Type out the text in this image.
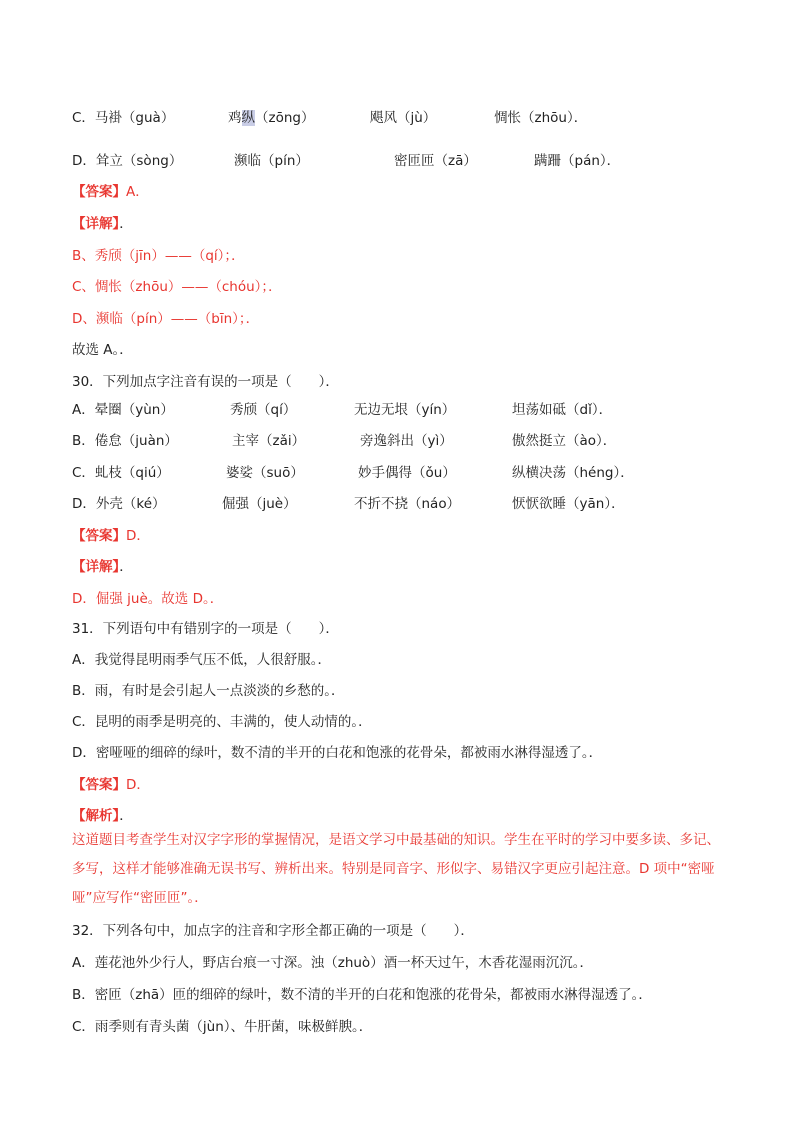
C．马褂（guà）	鸡纵（zōng）	飓风（jù）	惆怅（zhōu）．
D．耸立（sòng）	濒临（pín）	密匝匝（zā）	蹒跚（pán）．
【答案】A．
【详解】．
B、秀颀（jīn）——（qí）；．
C、惆怅（zhōu）——（chóu）；．
D、濒临（pín）——（bīn）；．
故选 A。．
30．下列加点字注音有误的一项是（　　）．
A．晕圈（yùn）	秀颀（qí）	无边无垠（yín）	坦荡如砥（dǐ）．
B．倦怠（juàn）	主宰（zǎi）	旁逸斜出（yì）	傲然挺立（ào）．
C．虬枝（qiú）	婆娑（suō）	妙手偶得（ǒu）	纵横决荡（héng）．
D．外壳（ké）	倔强（juè）	不折不挠（náo）	恹恹欲睡（yān）．
【答案】D．
【详解】．
D．倔强 juè。故选 D。．
31．下列语句中有错别字的一项是（　　）．
A．我觉得昆明雨季气压不低，人很舒服。．
B．雨，有时是会引起人一点淡淡的乡愁的。．
C．昆明的雨季是明亮的、丰满的，使人动情的。．
D．密哑哑的细碎的绿叶，数不清的半开的白花和饱涨的花骨朵，都被雨水淋得湿透了。．
【答案】D．
【解析】．
这道题目考查学生对汉字字形的掌握情况，是语文学习中最基础的知识。学生在平时的学习中要多读、多记、多写，这样才能够准确无误书写、辨析出来。特别是同音字、形似字、易错汉字更应引起注意。D 项中“密哑哑”应写作“密匝匝”。．
32．下列各句中，加点字的注音和字形全都正确的一项是（　　）．
A．莲花池外少行人，野店台痕一寸深。浊（zhuò）酒一杯天过午，木香花湿雨沉沉。．
B．密匝（zhā）匝的细碎的绿叶，数不清的半开的白花和饱涨的花骨朵，都被雨水淋得湿透了。．
C．雨季则有青头菌（jùn）、牛肝菌，味极鲜腴。．
